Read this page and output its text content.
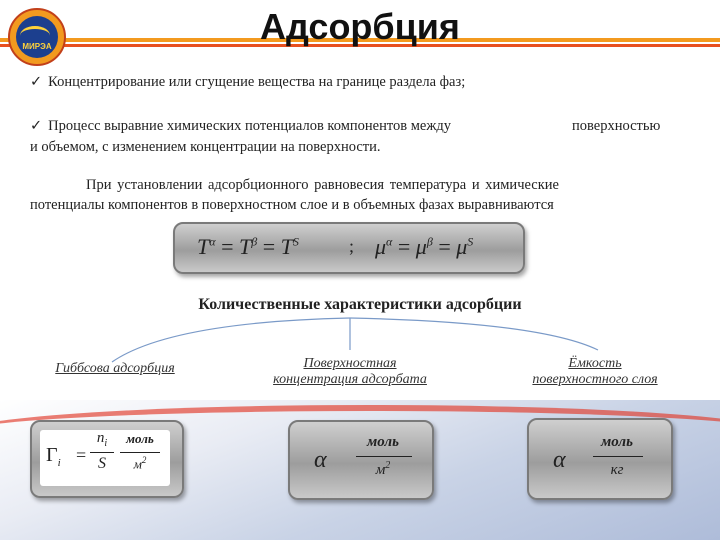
МИРЭА	Адсорбция
✓ Концентрирование или сгущение вещества на границе раздела фаз;
✓ Процесс выравние химических потенциалов компонентов между	поверхностью
и объемом, с изменением концентрации на поверхности.
При установлении адсорбционного равновесия температура и химические
потенциалы компонентов в поверхностном слое и в объемных фазах выравниваются
$T^\alpha = T^\beta = T^S$	; $\mu^\alpha = \mu^\beta = \mu^S$
Количественные характеристики адсорбции
Гиббсова адсорбция	Поверхностная
концентрация адсорбата
Ёмкость
поверхностного слоя
$\Gamma_i$ =
$n_i$
S
моль
$м^2$	α
моль
$м^2$	α
моль
кг
